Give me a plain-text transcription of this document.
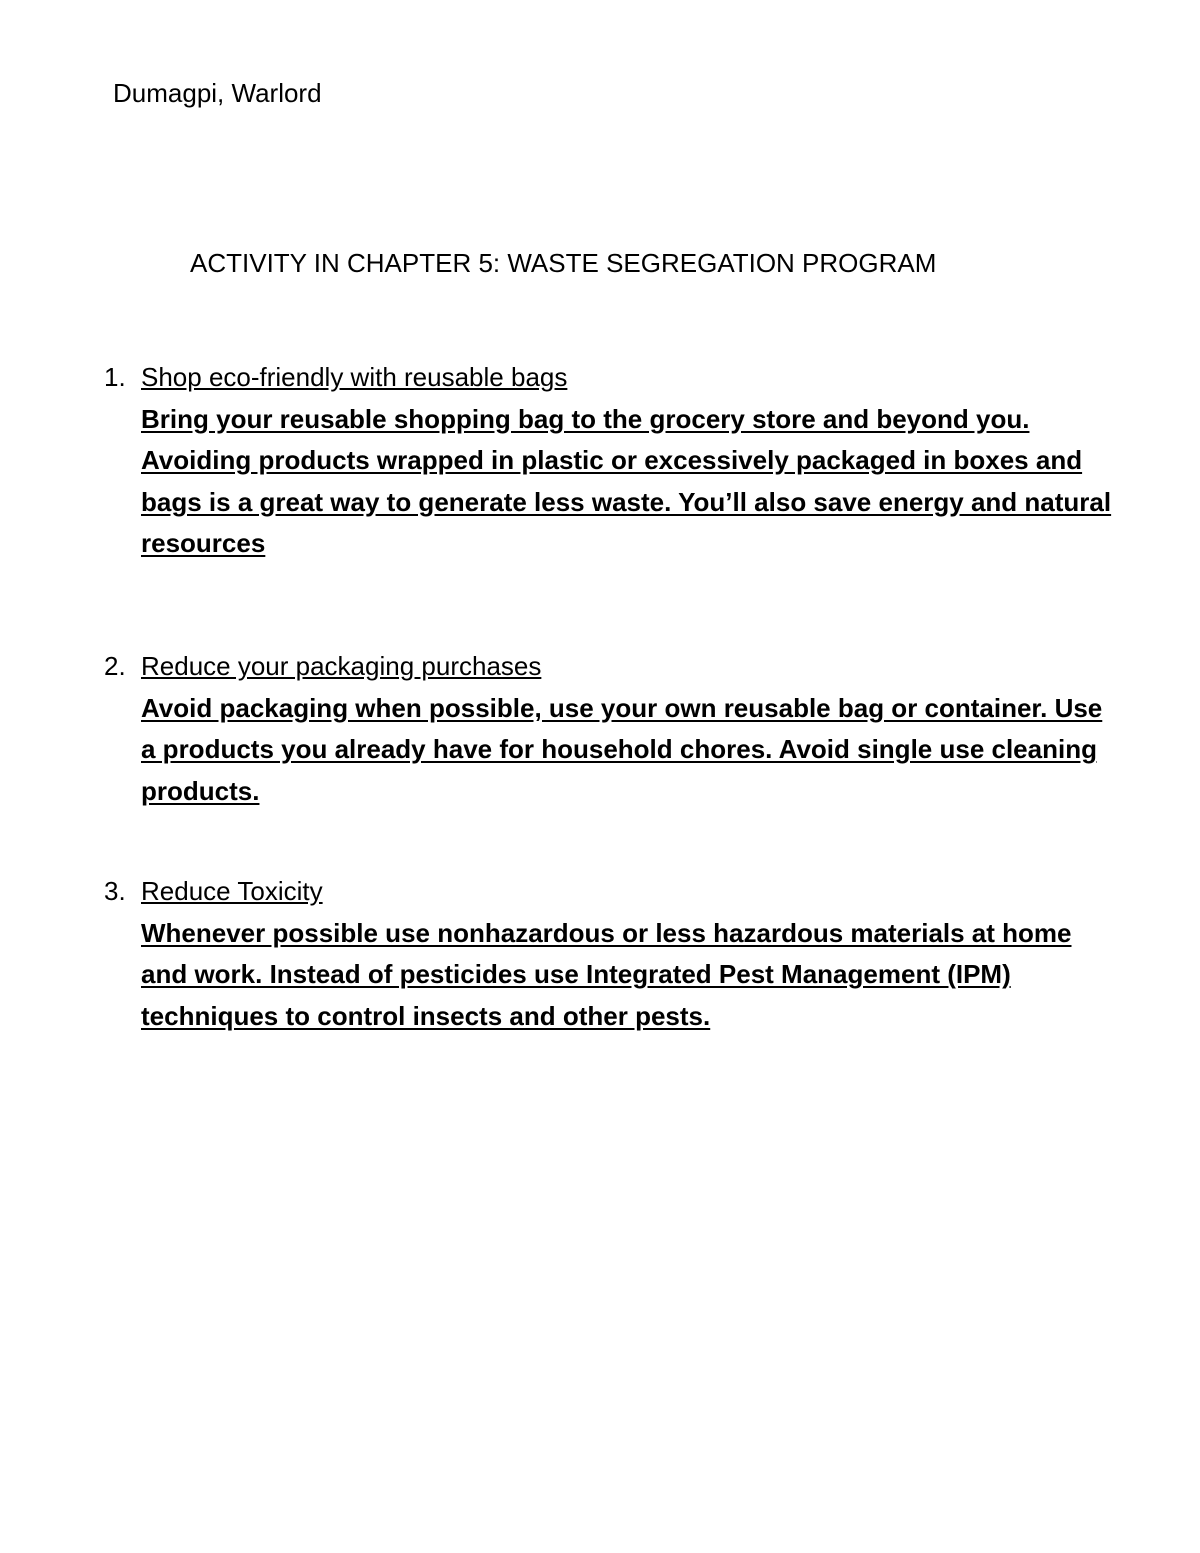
Dumagpi, Warlord
ACTIVITY IN CHAPTER 5: WASTE SEGREGATION PROGRAM
1. Shop eco-friendly with reusable bags
Bring your reusable shopping bag to the grocery store and beyond you. Avoiding products wrapped in plastic or excessively packaged in boxes and bags is a great way to generate less waste. You’ll also save energy and natural resources
2. Reduce your packaging purchases
Avoid packaging when possible, use your own reusable bag or container. Use a products you already have for household chores. Avoid single use cleaning products.
3. Reduce Toxicity
Whenever possible use nonhazardous or less hazardous materials at home and work. Instead of pesticides use Integrated Pest Management (IPM) techniques to control insects and other pests.
